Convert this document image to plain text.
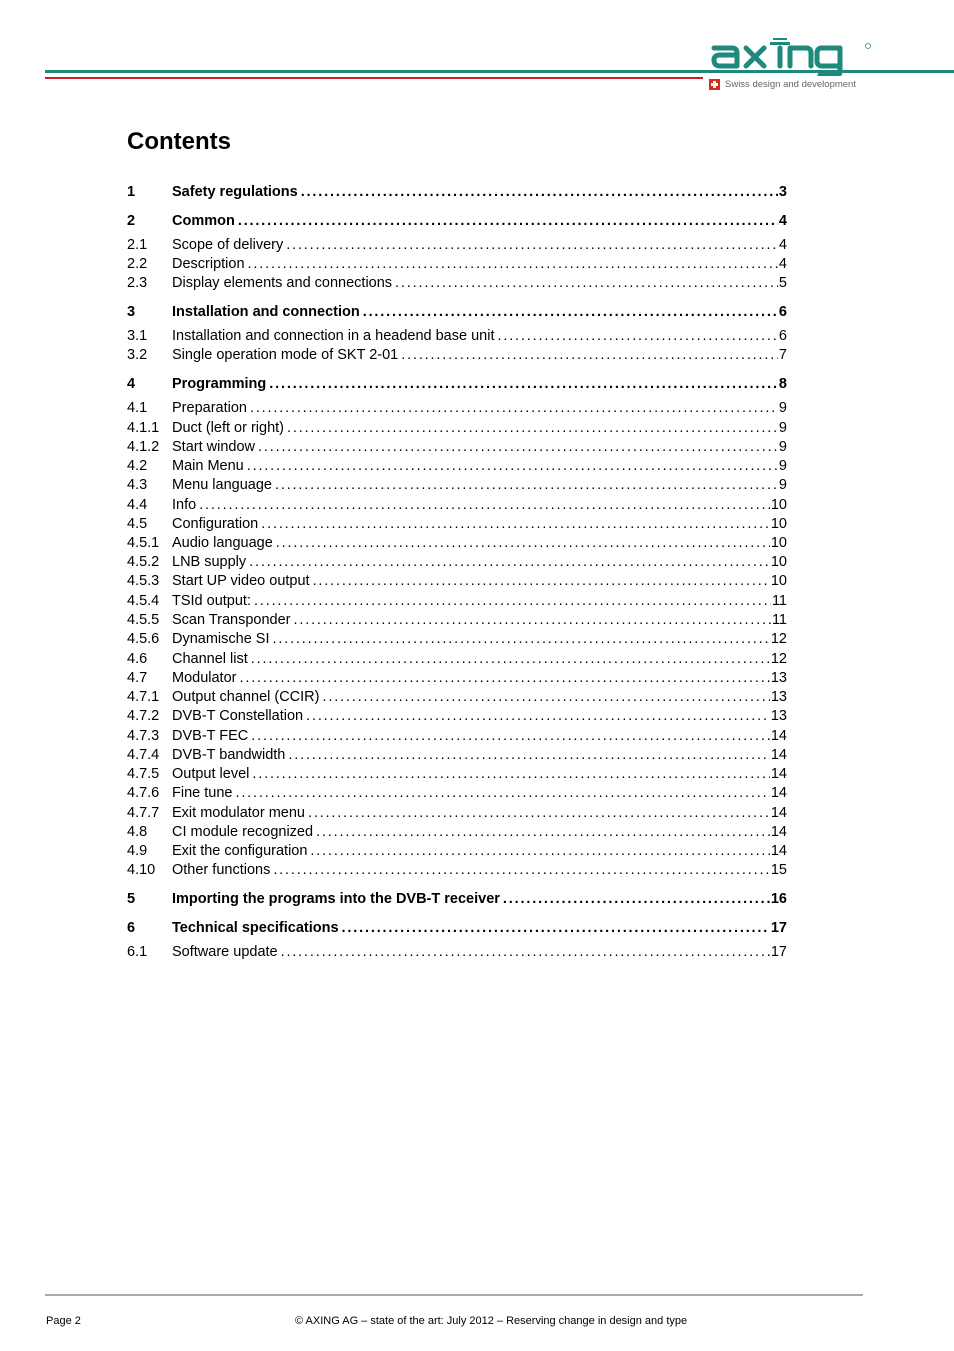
Swiss design and development
Contents
1	Safety regulations . . .	3
2	Common . . .	4
2.1	Scope of delivery . . .	4
2.2	Description . . .	4
2.3	Display elements and connections . . .	5
3	Installation and connection . . .	6
3.1	Installation and connection in a headend base unit . . .	6
3.2	Single operation mode of SKT 2-01 . . .	7
4	Programming . . .	8
4.1	Preparation . . .	9
4.1.1 Duct (left or right) . . .	9
4.1.2 Start window . . .	9
4.2	Main Menu . . .	9
4.3	Menu language . . .	9
4.4	Info . . .	10
4.5	Configuration . . .	10
4.5.1 Audio language . . .	10
4.5.2 LNB supply . . .	10
4.5.3 Start UP video output . . .	10
4.5.4 TSId output: . . .	11
4.5.5 Scan Transponder . . .	11
4.5.6 Dynamische SI . . .	12
4.6	Channel list . . .	12
4.7	Modulator . . .	13
4.7.1 Output channel (CCIR) . . .	13
4.7.2 DVB-T Constellation . . .	13
4.7.3 DVB-T FEC . . .	14
4.7.4 DVB-T bandwidth . . .	14
4.7.5 Output level . . .	14
4.7.6 Fine tune . . .	14
4.7.7 Exit modulator menu . . .	14
4.8	CI module recognized . . .	14
4.9	Exit the configuration . . .	14
4.10	Other functions . . .	15
5	Importing the programs into the DVB-T receiver . . .	16
6	Technical specifications . . .	17
6.1	Software update . . .	17
Page 2	© AXING AG – state of the art: July 2012 – Reserving change in design and type
